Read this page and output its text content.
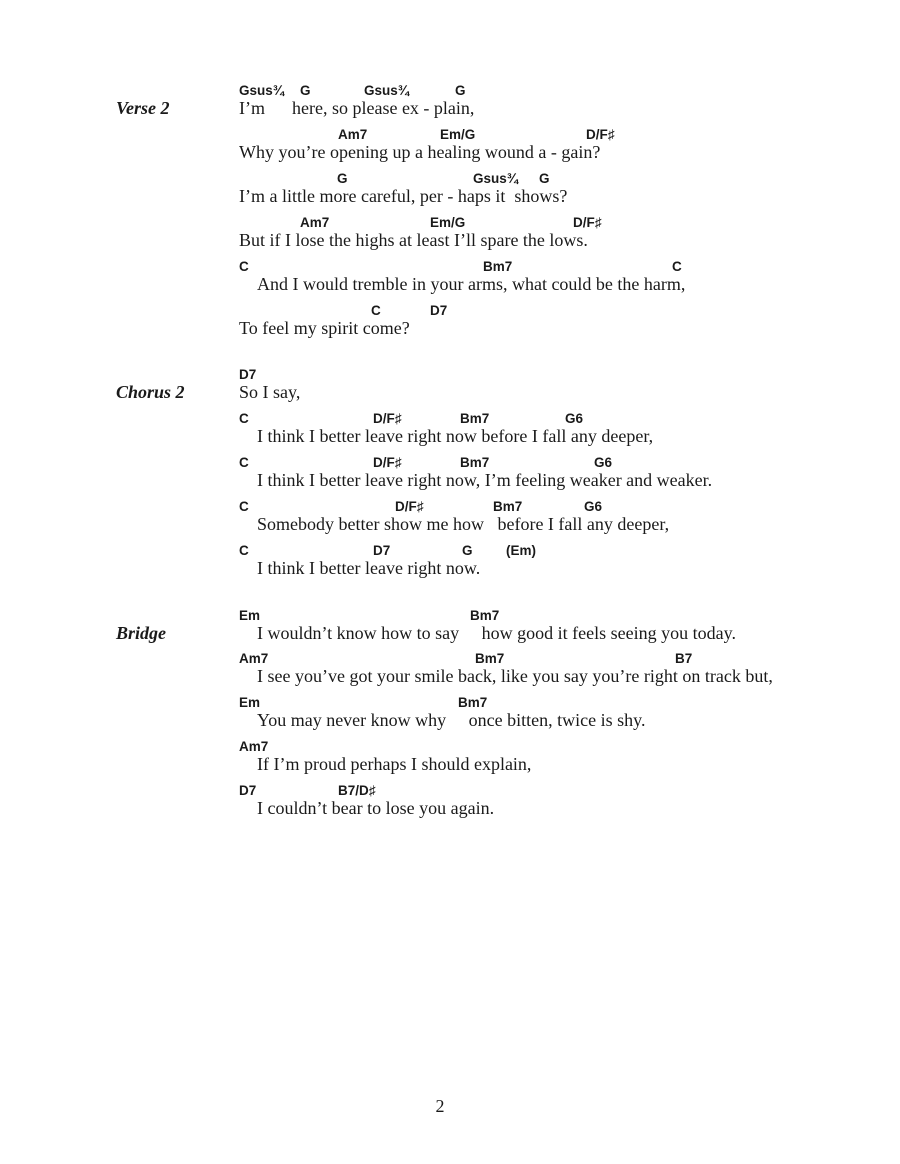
Verse 2
Gsus¾ G	Gsus¾	G
I’m      here, so please ex - plain,
Am7	Em/G	D/F♯
Why you’re opening up a healing wound a - gain?
G	Gsus¾ G
I’m a little more careful, per - haps it  shows?
Am7	Em/G	D/F♯
But if I lose the highs at least I’ll spare the lows.
C	Bm7	C
And I would tremble in your arms, what could be the harm,
C	D7
To feel my spirit come?
D7
Chorus 2	So I say,
C	D/F♯	Bm7	G6
I think I better leave right now before I fall any deeper,
C	D/F♯	Bm7	G6
I think I better leave right now, I’m feeling weaker and weaker.
C	D/F♯	Bm7	G6
Somebody better show me how   before I fall any deeper,
C	D7	G (Em)
I think I better leave right now.
Em	Bm7
Bridge	I wouldn’t know how to say     how good it feels seeing you today.
Am7	Bm7	B7
I see you’ve got your smile back, like you say you’re right on track but,
Em	Bm7
You may never know why     once bitten, twice is shy.
Am7
If I’m proud perhaps I should explain,
D7	B7/D♯
I couldn’t bear to lose you again.
2
